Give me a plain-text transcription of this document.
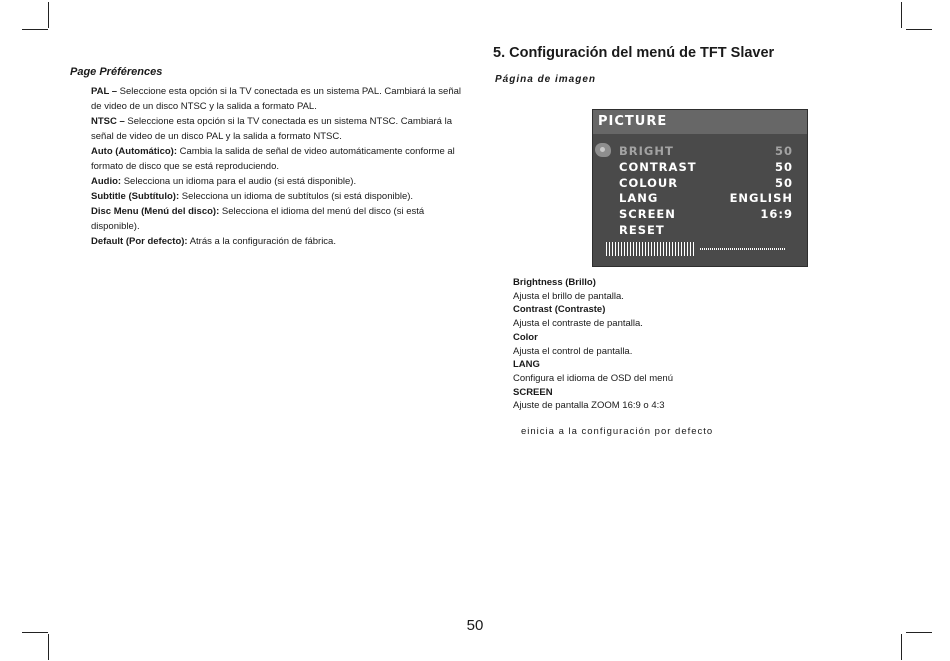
Page Préférences
PAL – Seleccione esta opción si la TV conectada es un sistema PAL. Cambiará la señal de video de un disco NTSC y la salida a formato PAL.
NTSC – Seleccione esta opción si la TV conectada es un sistema NTSC. Cambiará la señal de video de un disco PAL y la salida a formato NTSC.
Auto (Automático): Cambia la salida de señal de video automáticamente conforme al formato de disco que se está reproduciendo.
Audio: Selecciona un idioma para el audio (si está disponible).
Subtitle (Subtítulo): Selecciona un idioma de subtítulos (si está disponible).
Disc Menu (Menú del disco): Selecciona el idioma del menú del disco (si está disponible).
Default (Por defecto): Atrás a la configuración de fábrica.
5. Configuración del menú de TFT Slaver
Página de imagen
PICTURE
BRIGHT	50
CONTRAST	50
COLOUR	50
LANG	ENGLISH
SCREEN	16:9
RESET
Brightness (Brillo)
Ajusta el brillo de pantalla.
Contrast (Contraste)
Ajusta el contraste de pantalla.
Color
Ajusta el control de pantalla.
LANG
Configura el idioma de OSD del menú
SCREEN
Ajuste de pantalla ZOOM 16:9 o 4:3
einicia a la configuración por defecto
50
